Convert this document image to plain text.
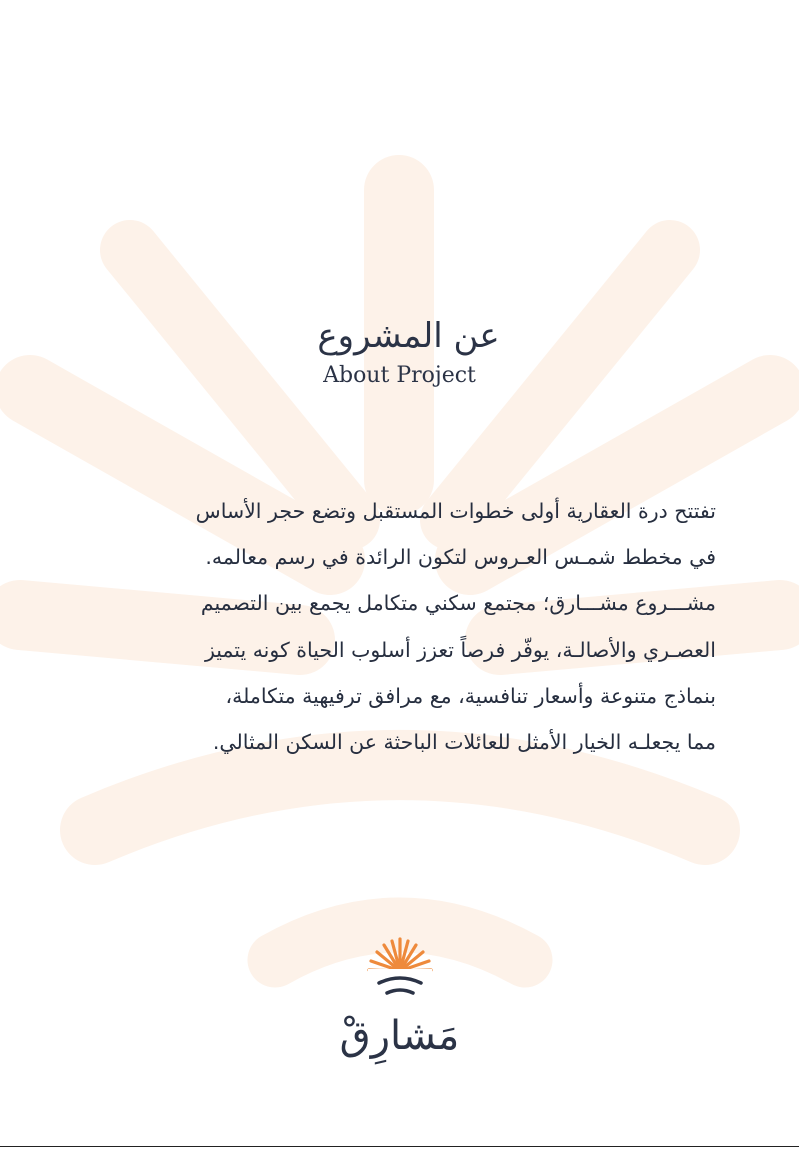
عن المشروع
About Project
تفتتح درة العقارية أولى خطوات المستقبل وتضع حجر الأساس
في مخطط شمـس العـروس لتكون الرائدة في رسم معالمه.
مشـــروع مشـــارق؛ مجتمع سكني متكامل يجمع بين التصميم
العصـري والأصالـة، يوفّر فرصاً تعزز أسلوب الحياة كونه يتميز
بنماذج متنوعة وأسعار تنافسية، مع مرافق ترفيهية متكاملة،
مما يجعلـه الخيار الأمثل للعائلات الباحثة عن السكن المثالي.
مَشارِقْ
